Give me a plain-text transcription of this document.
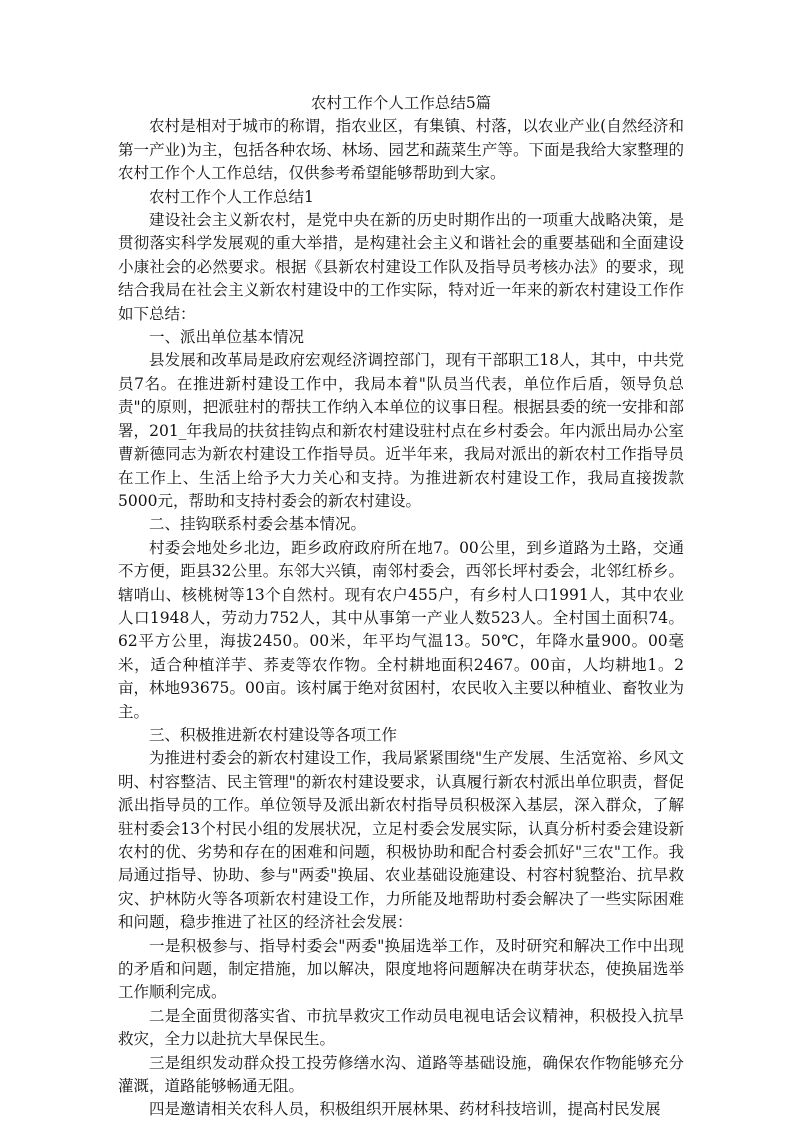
农村工作个人工作总结5篇

农村是相对于城市的称谓，指农业区，有集镇、村落，以农业产业(自然经济和第一产业)为主，包括各种农场、林场、园艺和蔬菜生产等。下面是我给大家整理的农村工作个人工作总结，仅供参考希望能够帮助到大家。

农村工作个人工作总结1

建设社会主义新农村，是党中央在新的历史时期作出的一项重大战略决策，是贯彻落实科学发展观的重大举措，是构建社会主义和谐社会的重要基础和全面建设小康社会的必然要求。根据《县新农村建设工作队及指导员考核办法》的要求，现结合我局在社会主义新农村建设中的工作实际，特对近一年来的新农村建设工作作如下总结：

一、派出单位基本情况

县发展和改革局是政府宏观经济调控部门，现有干部职工18人，其中，中共党员7名。在推进新村建设工作中，我局本着"队员当代表，单位作后盾，领导负总责"的原则，把派驻村的帮扶工作纳入本单位的议事日程。根据县委的统一安排和部署，201_年我局的扶贫挂钩点和新农村建设驻村点在乡村委会。年内派出局办公室曹新德同志为新农村建设工作指导员。近半年来，我局对派出的新农村工作指导员在工作上、生活上给予大力关心和支持。为推进新农村建设工作，我局直接拨款5000元，帮助和支持村委会的新农村建设。

二、挂钩联系村委会基本情况。

村委会地处乡北边，距乡政府政府所在地7。00公里，到乡道路为土路，交通不方便，距县32公里。东邻大兴镇，南邻村委会，西邻长坪村委会，北邻红桥乡。辖哨山、核桃树等13个自然村。现有农户455户，有乡村人口1991人，其中农业人口1948人，劳动力752人，其中从事第一产业人数523人。全村国土面积74。62平方公里，海拔2450。00米，年平均气温13。50℃，年降水量900。00毫米，适合种植洋芋、荞麦等农作物。全村耕地面积2467。00亩，人均耕地1。2亩，林地93675。00亩。该村属于绝对贫困村，农民收入主要以种植业、畜牧业为主。

三、积极推进新农村建设等各项工作

为推进村委会的新农村建设工作，我局紧紧围绕"生产发展、生活宽裕、乡风文明、村容整洁、民主管理"的新农村建设要求，认真履行新农村派出单位职责，督促派出指导员的工作。单位领导及派出新农村指导员积极深入基层，深入群众，了解驻村委会13个村民小组的发展状况，立足村委会发展实际，认真分析村委会建设新农村的优、劣势和存在的困难和问题，积极协助和配合村委会抓好"三农"工作。我局通过指导、协助、参与"两委"换届、农业基础设施建设、村容村貌整治、抗旱救灾、护林防火等各项新农村建设工作，力所能及地帮助村委会解决了一些实际困难和问题，稳步推进了社区的经济社会发展：

一是积极参与、指导村委会"两委"换届选举工作，及时研究和解决工作中出现的矛盾和问题，制定措施，加以解决，限度地将问题解决在萌芽状态，使换届选举工作顺利完成。

二是全面贯彻落实省、市抗旱救灾工作动员电视电话会议精神，积极投入抗旱救灾，全力以赴抗大旱保民生。

三是组织发动群众投工投劳修缮水沟、道路等基础设施，确保农作物能够充分灌溉，道路能够畅通无阻。

四是邀请相关农科人员，积极组织开展林果、药材科技培训，提高村民发展
